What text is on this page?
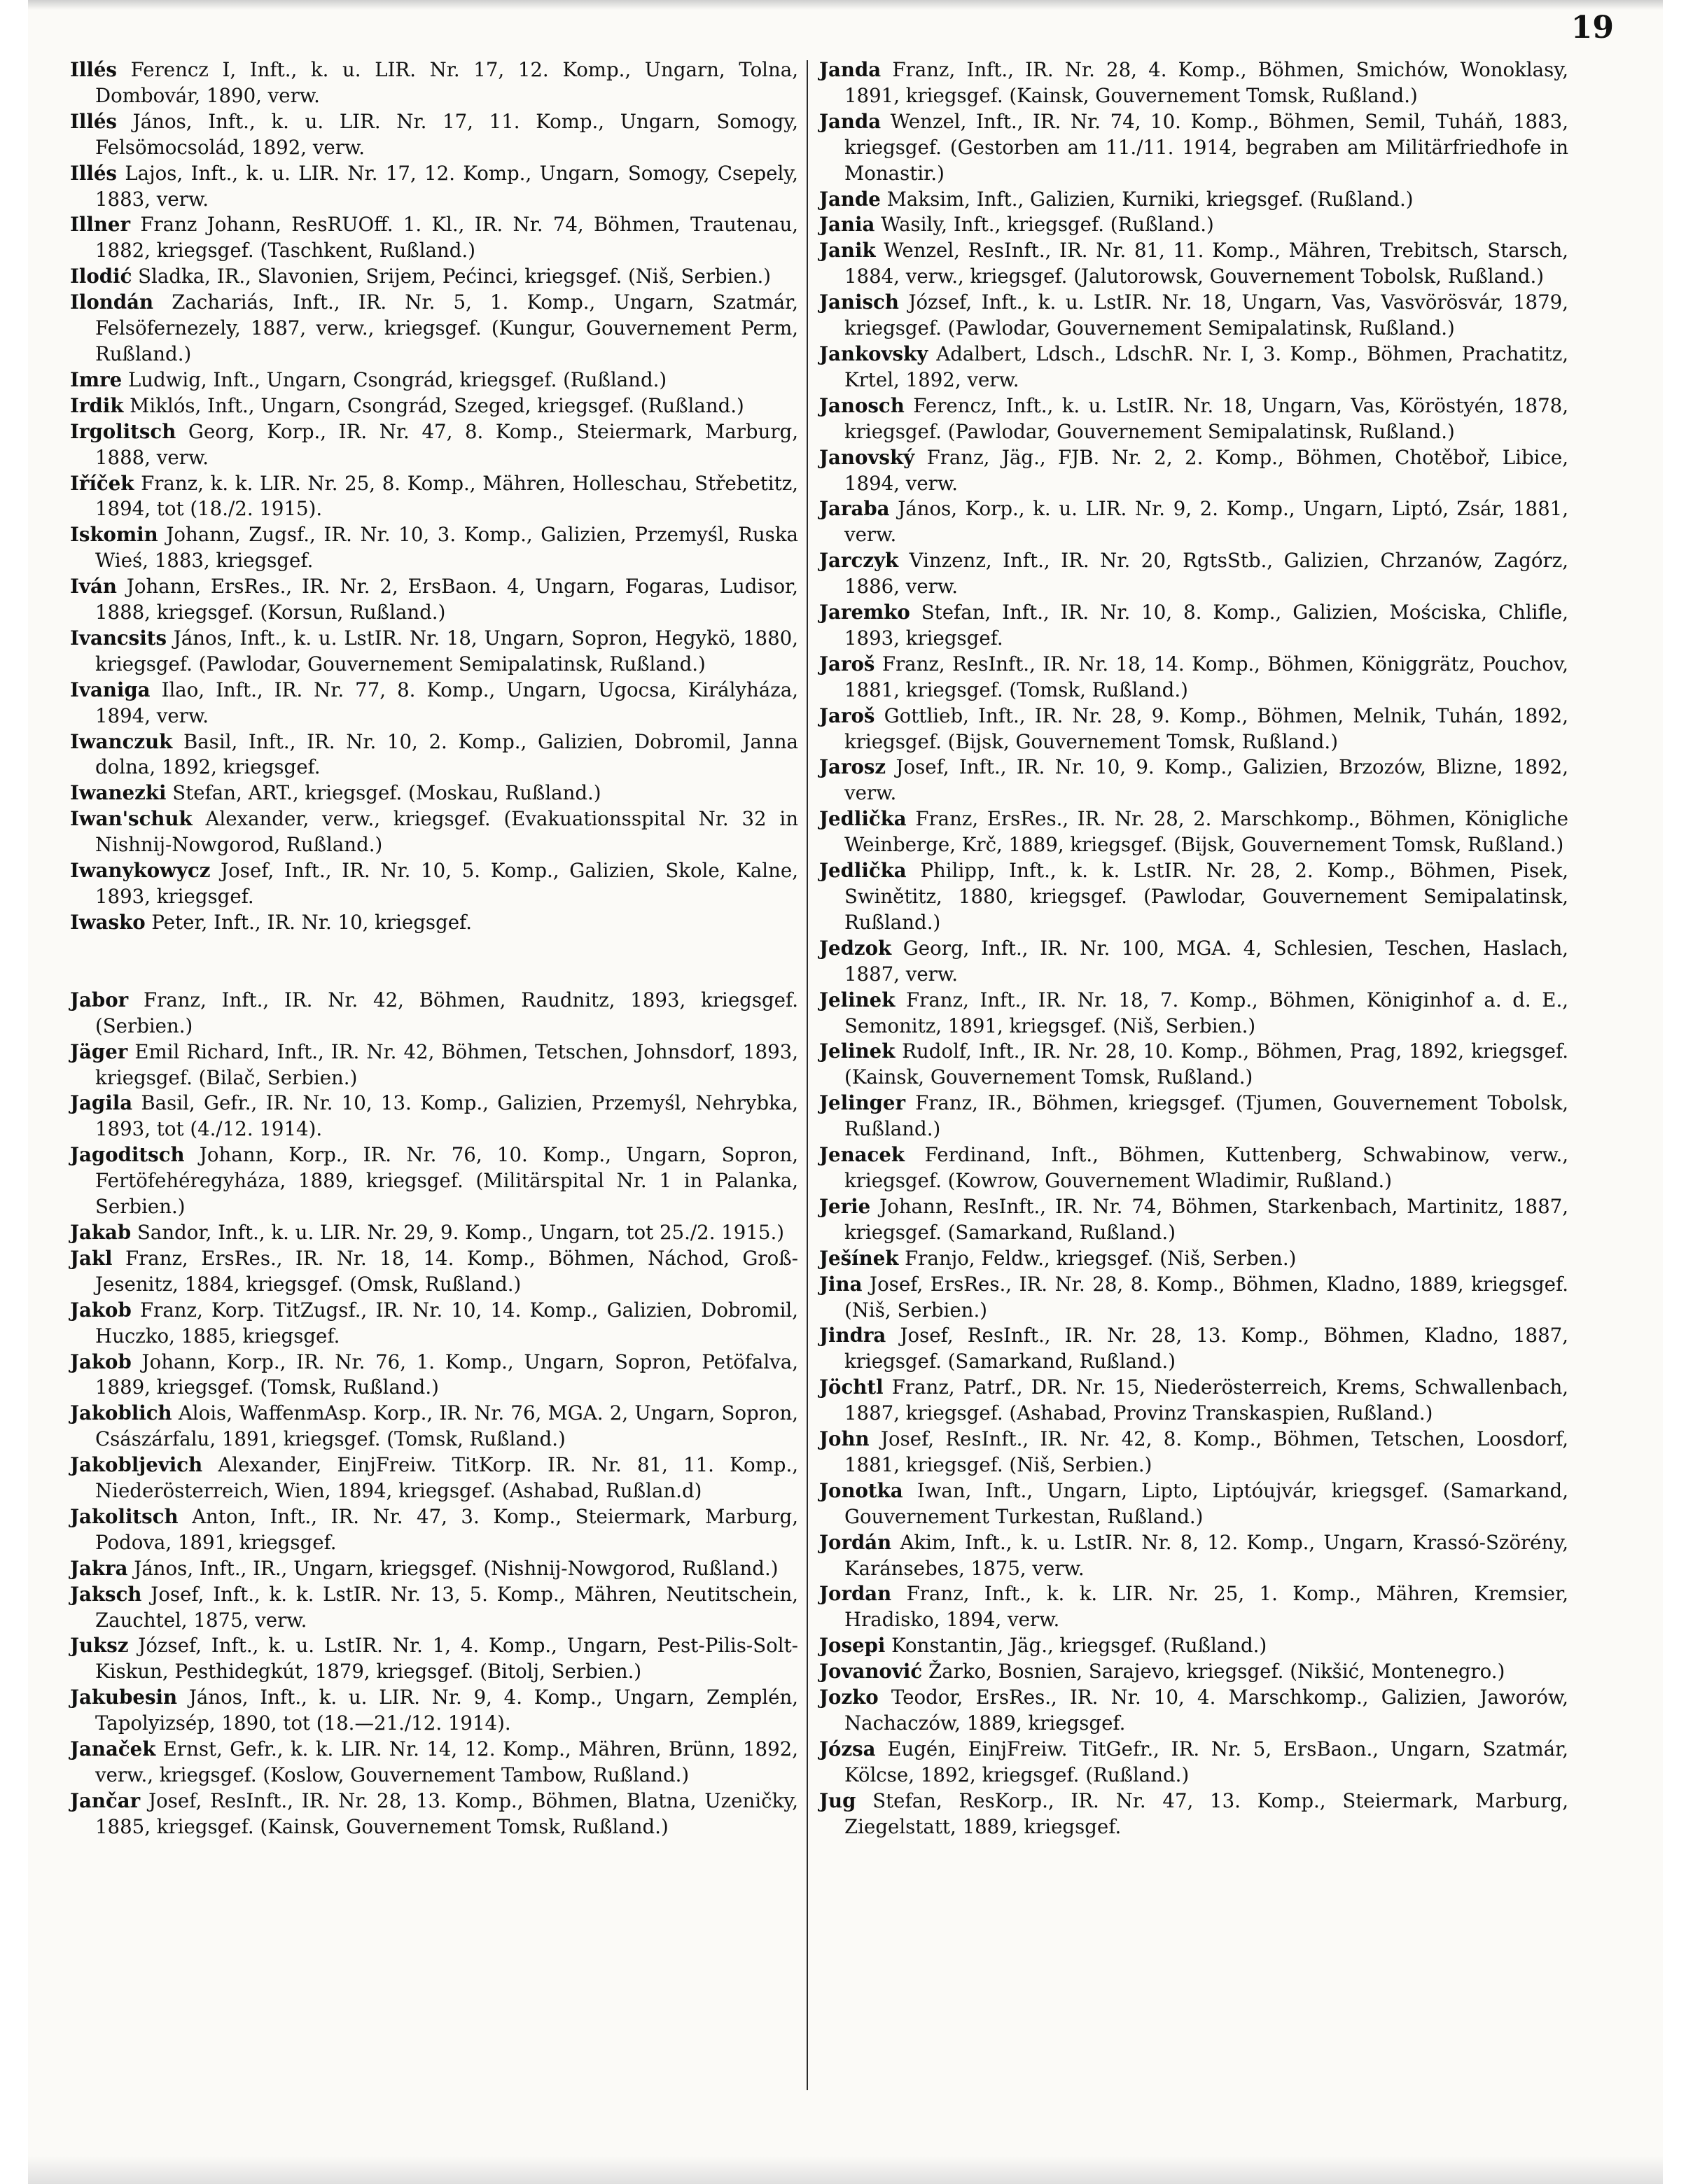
19

Illés Ferencz I, Inft., k. u. LIR. Nr. 17, 12. Komp., Ungarn, Tolna, Dombovár, 1890, verw.

Illés János, Inft., k. u. LIR. Nr. 17, 11. Komp., Ungarn, Somogy, Felsömocsolád, 1892, verw.

Illés Lajos, Inft., k. u. LIR. Nr. 17, 12. Komp., Ungarn, Somogy, Csepely, 1883, verw.

Illner Franz Johann, ResRUOff. 1. Kl., IR. Nr. 74, Böhmen, Trautenau, 1882, kriegsgef. (Taschkent, Rußland.)

Ilodić Sladka, IR., Slavonien, Srijem, Pećinci, kriegsgef. (Niš, Serbien.)

Ilondán Zachariás, Inft., IR. Nr. 5, 1. Komp., Ungarn, Szatmár, Felsöfernezely, 1887, verw., kriegsgef. (Kungur, Gouvernement Perm, Rußland.)

Imre Ludwig, Inft., Ungarn, Csongrád, kriegsgef. (Rußland.)

Irdik Miklós, Inft., Ungarn, Csongrád, Szeged, kriegsgef. (Rußland.)

Irgolitsch Georg, Korp., IR. Nr. 47, 8. Komp., Steiermark, Marburg, 1888, verw.

Iříček Franz, k. k. LIR. Nr. 25, 8. Komp., Mähren, Holleschau, Střebetitz, 1894, tot (18./2. 1915).

Iskomin Johann, Zugsf., IR. Nr. 10, 3. Komp., Galizien, Przemyśl, Ruska Wieś, 1883, kriegsgef.

Iván Johann, ErsRes., IR. Nr. 2, ErsBaon. 4, Ungarn, Fogaras, Ludisor, 1888, kriegsgef. (Korsun, Rußland.)

Ivancsits János, Inft., k. u. LstIR. Nr. 18, Ungarn, Sopron, Hegykö, 1880, kriegsgef. (Pawlodar, Gouvernement Semipalatinsk, Rußland.)

Ivaniga Ilao, Inft., IR. Nr. 77, 8. Komp., Ungarn, Ugocsa, Királyháza, 1894, verw.

Iwanczuk Basil, Inft., IR. Nr. 10, 2. Komp., Galizien, Dobromil, Janna dolna, 1892, kriegsgef.

Iwanezki Stefan, ART., kriegsgef. (Moskau, Rußland.)

Iwan'schuk Alexander, verw., kriegsgef. (Evakuationsspital Nr. 32 in Nishnij-Nowgorod, Rußland.)

Iwanykowycz Josef, Inft., IR. Nr. 10, 5. Komp., Galizien, Skole, Kalne, 1893, kriegsgef.

Iwasko Peter, Inft., IR. Nr. 10, kriegsgef.

Jabor Franz, Inft., IR. Nr. 42, Böhmen, Raudnitz, 1893, kriegsgef. (Serbien.)

Jäger Emil Richard, Inft., IR. Nr. 42, Böhmen, Tetschen, Johnsdorf, 1893, kriegsgef. (Bilač, Serbien.)

Jagila Basil, Gefr., IR. Nr. 10, 13. Komp., Galizien, Przemyśl, Nehrybka, 1893, tot (4./12. 1914).

Jagoditsch Johann, Korp., IR. Nr. 76, 10. Komp., Ungarn, Sopron, Fertöfehéregyháza, 1889, kriegsgef. (Militärspital Nr. 1 in Palanka, Serbien.)

Jakab Sandor, Inft., k. u. LIR. Nr. 29, 9. Komp., Ungarn, tot 25./2. 1915.)

Jakl Franz, ErsRes., IR. Nr. 18, 14. Komp., Böhmen, Náchod, Groß-Jesenitz, 1884, kriegsgef. (Omsk, Rußland.)

Jakob Franz, Korp. TitZugsf., IR. Nr. 10, 14. Komp., Galizien, Dobromil, Huczko, 1885, kriegsgef.

Jakob Johann, Korp., IR. Nr. 76, 1. Komp., Ungarn, Sopron, Petöfalva, 1889, kriegsgef. (Tomsk, Rußland.)

Jakoblich Alois, WaffenmAsp. Korp., IR. Nr. 76, MGA. 2, Ungarn, Sopron, Császárfalu, 1891, kriegsgef. (Tomsk, Rußland.)

Jakobljevich Alexander, EinjFreiw. TitKorp. IR. Nr. 81, 11. Komp., Niederösterreich, Wien, 1894, kriegsgef. (Ashabad, Rußlan.d)

Jakolitsch Anton, Inft., IR. Nr. 47, 3. Komp., Steiermark, Marburg, Podova, 1891, kriegsgef.

Jakra János, Inft., IR., Ungarn, kriegsgef. (Nishnij-Nowgorod, Rußland.)

Jaksch Josef, Inft., k. k. LstIR. Nr. 13, 5. Komp., Mähren, Neutitschein, Zauchtel, 1875, verw.

Juksz József, Inft., k. u. LstIR. Nr. 1, 4. Komp., Ungarn, Pest-Pilis-Solt-Kiskun, Pesthidegkút, 1879, kriegsgef. (Bitolj, Serbien.)

Jakubesin János, Inft., k. u. LIR. Nr. 9, 4. Komp., Ungarn, Zemplén, Tapolyizsép, 1890, tot (18.—21./12. 1914).

Janaček Ernst, Gefr., k. k. LIR. Nr. 14, 12. Komp., Mähren, Brünn, 1892, verw., kriegsgef. (Koslow, Gouvernement Tambow, Rußland.)

Jančar Josef, ResInft., IR. Nr. 28, 13. Komp., Böhmen, Blatna, Uzeničky, 1885, kriegsgef. (Kainsk, Gouvernement Tomsk, Rußland.)

Janda Franz, Inft., IR. Nr. 28, 4. Komp., Böhmen, Smichów, Wonoklasy, 1891, kriegsgef. (Kainsk, Gouvernement Tomsk, Rußland.)

Janda Wenzel, Inft., IR. Nr. 74, 10. Komp., Böhmen, Semil, Tuháň, 1883, kriegsgef. (Gestorben am 11./11. 1914, begraben am Militärfriedhofe in Monastir.)

Jande Maksim, Inft., Galizien, Kurniki, kriegsgef. (Rußland.)

Jania Wasily, Inft., kriegsgef. (Rußland.)

Janik Wenzel, ResInft., IR. Nr. 81, 11. Komp., Mähren, Trebitsch, Starsch, 1884, verw., kriegsgef. (Jalutorowsk, Gouvernement Tobolsk, Rußland.)

Janisch József, Inft., k. u. LstIR. Nr. 18, Ungarn, Vas, Vasvörösvár, 1879, kriegsgef. (Pawlodar, Gouvernement Semipalatinsk, Rußland.)

Jankovsky Adalbert, Ldsch., LdschR. Nr. I, 3. Komp., Böhmen, Prachatitz, Krtel, 1892, verw.

Janosch Ferencz, Inft., k. u. LstIR. Nr. 18, Ungarn, Vas, Köröstyén, 1878, kriegsgef. (Pawlodar, Gouvernement Semipalatinsk, Rußland.)

Janovský Franz, Jäg., FJB. Nr. 2, 2. Komp., Böhmen, Chotěboř, Libice, 1894, verw.

Jaraba János, Korp., k. u. LIR. Nr. 9, 2. Komp., Ungarn, Liptó, Zsár, 1881, verw.

Jarczyk Vinzenz, Inft., IR. Nr. 20, RgtsStb., Galizien, Chrzanów, Zagórz, 1886, verw.

Jaremko Stefan, Inft., IR. Nr. 10, 8. Komp., Galizien, Mościska, Chlifle, 1893, kriegsgef.

Jaroš Franz, ResInft., IR. Nr. 18, 14. Komp., Böhmen, Königgrätz, Pouchov, 1881, kriegsgef. (Tomsk, Rußland.)

Jaroš Gottlieb, Inft., IR. Nr. 28, 9. Komp., Böhmen, Melnik, Tuhán, 1892, kriegsgef. (Bijsk, Gouvernement Tomsk, Rußland.)

Jarosz Josef, Inft., IR. Nr. 10, 9. Komp., Galizien, Brzozów, Blizne, 1892, verw.

Jedlička Franz, ErsRes., IR. Nr. 28, 2. Marschkomp., Böhmen, Königliche Weinberge, Krč, 1889, kriegsgef. (Bijsk, Gouvernement Tomsk, Rußland.)

Jedlička Philipp, Inft., k. k. LstIR. Nr. 28, 2. Komp., Böhmen, Pisek, Swinětitz, 1880, kriegsgef. (Pawlodar, Gouvernement Semipalatinsk, Rußland.)

Jedzok Georg, Inft., IR. Nr. 100, MGA. 4, Schlesien, Teschen, Haslach, 1887, verw.

Jelinek Franz, Inft., IR. Nr. 18, 7. Komp., Böhmen, Königinhof a. d. E., Semonitz, 1891, kriegsgef. (Niš, Serbien.)

Jelinek Rudolf, Inft., IR. Nr. 28, 10. Komp., Böhmen, Prag, 1892, kriegsgef. (Kainsk, Gouvernement Tomsk, Rußland.)

Jelinger Franz, IR., Böhmen, kriegsgef. (Tjumen, Gouvernement Tobolsk, Rußland.)

Jenacek Ferdinand, Inft., Böhmen, Kuttenberg, Schwabinow, verw., kriegsgef. (Kowrow, Gouvernement Wladimir, Rußland.)

Jerie Johann, ResInft., IR. Nr. 74, Böhmen, Starkenbach, Martinitz, 1887, kriegsgef. (Samarkand, Rußland.)

Ješínek Franjo, Feldw., kriegsgef. (Niš, Serben.)

Jina Josef, ErsRes., IR. Nr. 28, 8. Komp., Böhmen, Kladno, 1889, kriegsgef. (Niš, Serbien.)

Jindra Josef, ResInft., IR. Nr. 28, 13. Komp., Böhmen, Kladno, 1887, kriegsgef. (Samarkand, Rußland.)

Jöchtl Franz, Patrf., DR. Nr. 15, Niederösterreich, Krems, Schwallenbach, 1887, kriegsgef. (Ashabad, Provinz Transkaspien, Rußland.)

John Josef, ResInft., IR. Nr. 42, 8. Komp., Böhmen, Tetschen, Loosdorf, 1881, kriegsgef. (Niš, Serbien.)

Jonotka Iwan, Inft., Ungarn, Lipto, Liptóujvár, kriegsgef. (Samarkand, Gouvernement Turkestan, Rußland.)

Jordán Akim, Inft., k. u. LstIR. Nr. 8, 12. Komp., Ungarn, Krassó-Szörény, Karánsebes, 1875, verw.

Jordan Franz, Inft., k. k. LIR. Nr. 25, 1. Komp., Mähren, Kremsier, Hradisko, 1894, verw.

Josepi Konstantin, Jäg., kriegsgef. (Rußland.)

Jovanović Žarko, Bosnien, Sarajevo, kriegsgef. (Nikšić, Montenegro.)

Jozko Teodor, ErsRes., IR. Nr. 10, 4. Marschkomp., Galizien, Jaworów, Nachaczów, 1889, kriegsgef.

Józsa Eugén, EinjFreiw. TitGefr., IR. Nr. 5, ErsBaon., Ungarn, Szatmár, Kölcse, 1892, kriegsgef. (Rußland.)

Jug Stefan, ResKorp., IR. Nr. 47, 13. Komp., Steiermark, Marburg, Ziegelstatt, 1889, kriegsgef.
